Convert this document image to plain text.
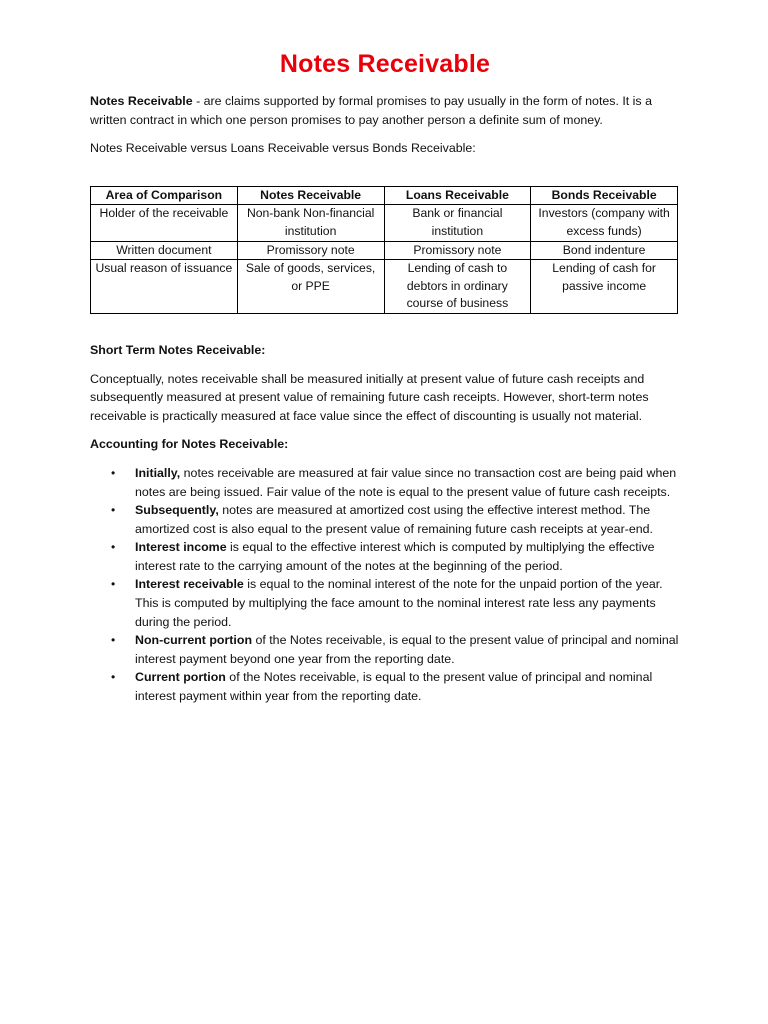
Notes Receivable

Notes Receivable - are claims supported by formal promises to pay usually in the form of notes. It is a written contract in which one person promises to pay another person a definite sum of money.

Notes Receivable versus Loans Receivable versus Bonds Receivable:

Area of Comparison	Notes Receivable	Loans Receivable	Bonds Receivable
Holder of the receivable	Non-bank Non-financial institution	Bank or financial institution	Investors (company with excess funds)
Written document	Promissory note	Promissory note	Bond indenture
Usual reason of issuance	Sale of goods, services, or PPE	Lending of cash to debtors in ordinary course of business	Lending of cash for passive income
Short Term Notes Receivable:

Conceptually, notes receivable shall be measured initially at present value of future cash receipts and subsequently measured at present value of remaining future cash receipts. However, short-term notes receivable is practically measured at face value since the effect of discounting is usually not material.

Accounting for Notes Receivable:
• Initially, notes receivable are measured at fair value since no transaction cost are being paid when notes are being issued. Fair value of the note is equal to the present value of future cash receipts.
• Subsequently, notes are measured at amortized cost using the effective interest method. The amortized cost is also equal to the present value of remaining future cash receipts at year-end.
• Interest income is equal to the effective interest which is computed by multiplying the effective interest rate to the carrying amount of the notes at the beginning of the period.
• Interest receivable is equal to the nominal interest of the note for the unpaid portion of the year. This is computed by multiplying the face amount to the nominal interest rate less any payments during the period.
• Non-current portion of the Notes receivable, is equal to the present value of principal and nominal interest payment beyond one year from the reporting date.
• Current portion of the Notes receivable, is equal to the present value of principal and nominal interest payment within year from the reporting date.
